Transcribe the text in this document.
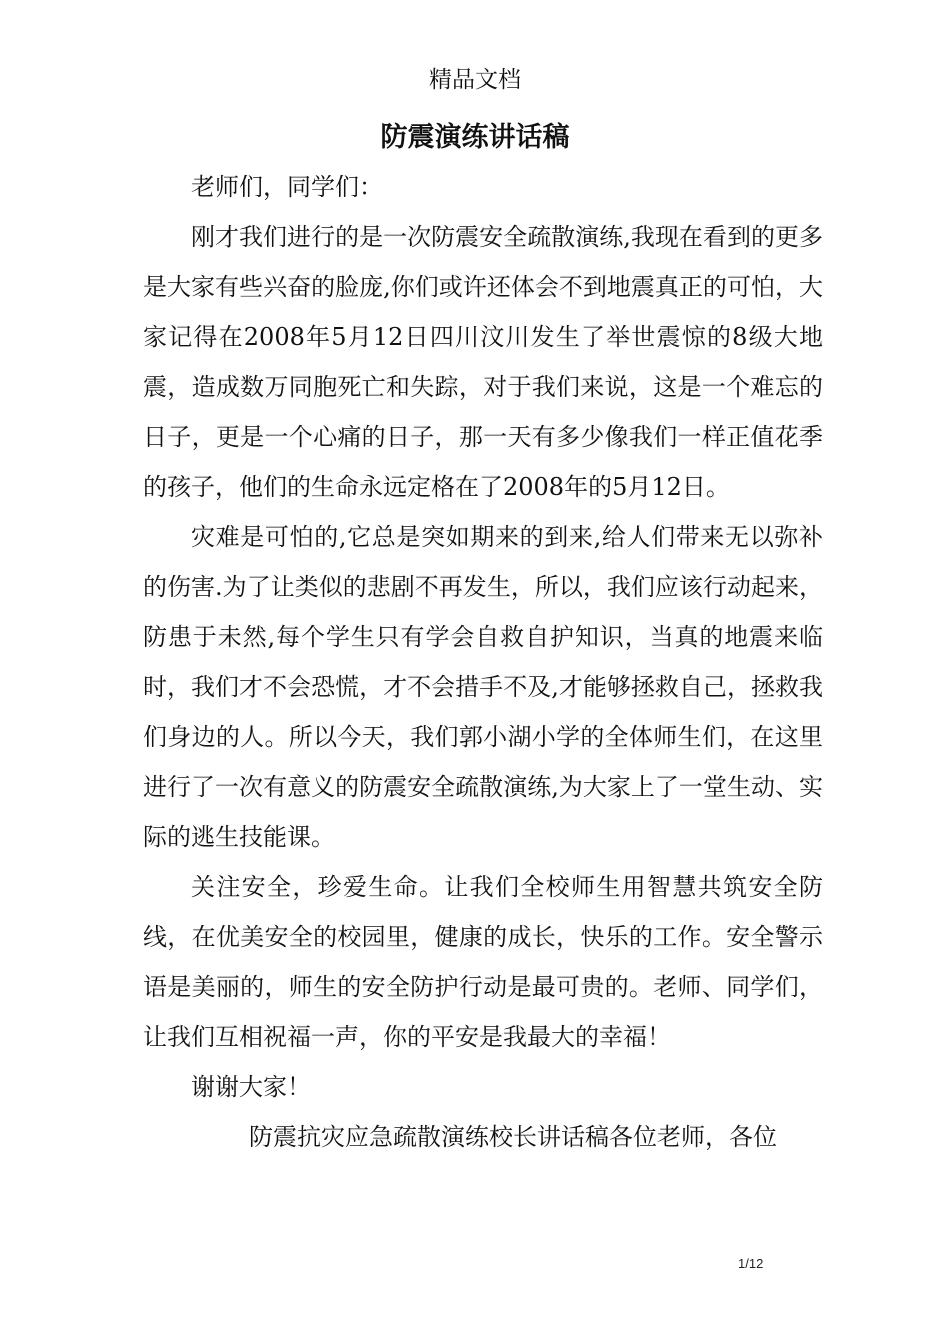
精品文档
防震演练讲话稿

老师们，同学们：

刚才我们进行的是一次防震安全疏散演练,我现在看到的更多是大家有些兴奋的脸庞,你们或许还体会不到地震真正的可怕，大家记得在2008年5月12日四川汶川发生了举世震惊的8级大地震，造成数万同胞死亡和失踪，对于我们来说，这是一个难忘的日子，更是一个心痛的日子，那一天有多少像我们一样正值花季的孩子，他们的生命永远定格在了2008年的5月12日。

灾难是可怕的,它总是突如期来的到来,给人们带来无以弥补的伤害.为了让类似的悲剧不再发生，所以，我们应该行动起来，防患于未然,每个学生只有学会自救自护知识，当真的地震来临时，我们才不会恐慌，才不会措手不及,才能够拯救自己，拯救我们身边的人。所以今天，我们郭小湖小学的全体师生们，在这里进行了一次有意义的防震安全疏散演练,为大家上了一堂生动、实际的逃生技能课。

关注安全，珍爱生命。让我们全校师生用智慧共筑安全防线，在优美安全的校园里，健康的成长，快乐的工作。安全警示语是美丽的，师生的安全防护行动是最可贵的。老师、同学们，让我们互相祝福一声，你的平安是我最大的幸福！

谢谢大家！

防震抗灾应急疏散演练校长讲话稿各位老师，各位

1/12
